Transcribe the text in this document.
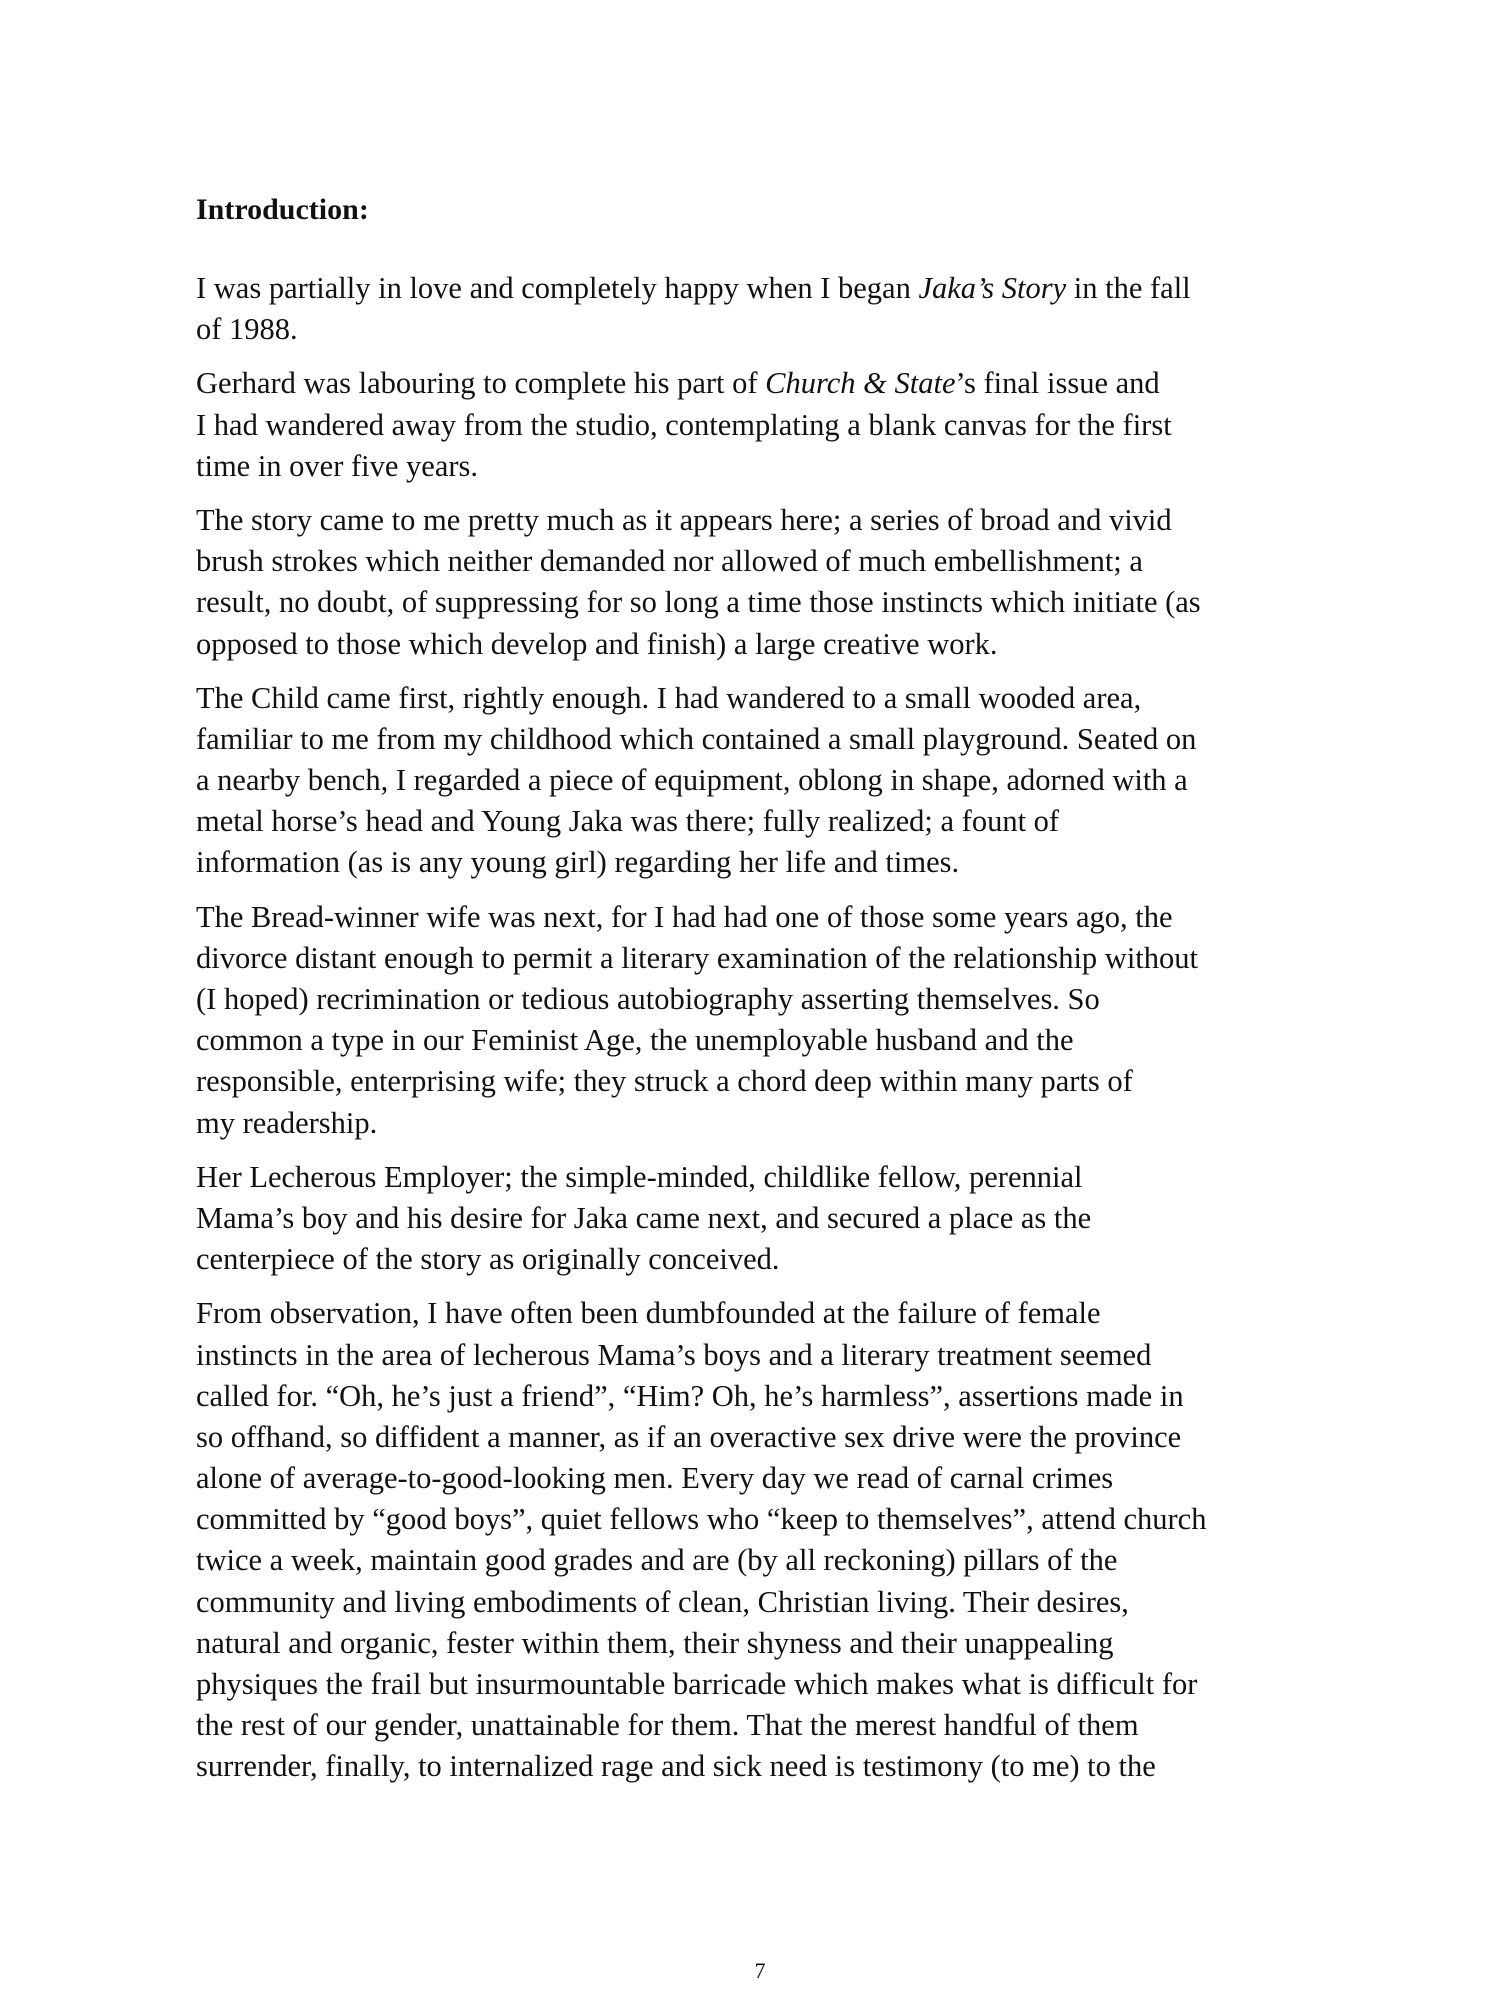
Introduction:
I was partially in love and completely happy when I began Jaka’s Story in the fall
of 1988.
Gerhard was labouring to complete his part of Church & State’s final issue and
I had wandered away from the studio, contemplating a blank canvas for the first
time in over five years.
The story came to me pretty much as it appears here; a series of broad and vivid
brush strokes which neither demanded nor allowed of much embellishment; a
result, no doubt, of suppressing for so long a time those instincts which initiate (as
opposed to those which develop and finish) a large creative work.
The Child came first, rightly enough. I had wandered to a small wooded area,
familiar to me from my childhood which contained a small playground. Seated on
a nearby bench, I regarded a piece of equipment, oblong in shape, adorned with a
metal horse’s head and Young Jaka was there; fully realized; a fount of
information (as is any young girl) regarding her life and times.
The Bread-winner wife was next, for I had had one of those some years ago, the
divorce distant enough to permit a literary examination of the relationship without
(I hoped) recrimination or tedious autobiography asserting themselves. So
common a type in our Feminist Age, the unemployable husband and the
responsible, enterprising wife; they struck a chord deep within many parts of
my readership.
Her Lecherous Employer; the simple-minded, childlike fellow, perennial
Mama’s boy and his desire for Jaka came next, and secured a place as the
centerpiece of the story as originally conceived.
From observation, I have often been dumbfounded at the failure of female
instincts in the area of lecherous Mama’s boys and a literary treatment seemed
called for. “Oh, he’s just a friend”, “Him? Oh, he’s harmless”, assertions made in
so offhand, so diffident a manner, as if an overactive sex drive were the province
alone of average-to-good-looking men. Every day we read of carnal crimes
committed by “good boys”, quiet fellows who “keep to themselves”, attend church
twice a week, maintain good grades and are (by all reckoning) pillars of the
community and living embodiments of clean, Christian living. Their desires,
natural and organic, fester within them, their shyness and their unappealing
physiques the frail but insurmountable barricade which makes what is difficult for
the rest of our gender, unattainable for them. That the merest handful of them
surrender, finally, to internalized rage and sick need is testimony (to me) to the
7
